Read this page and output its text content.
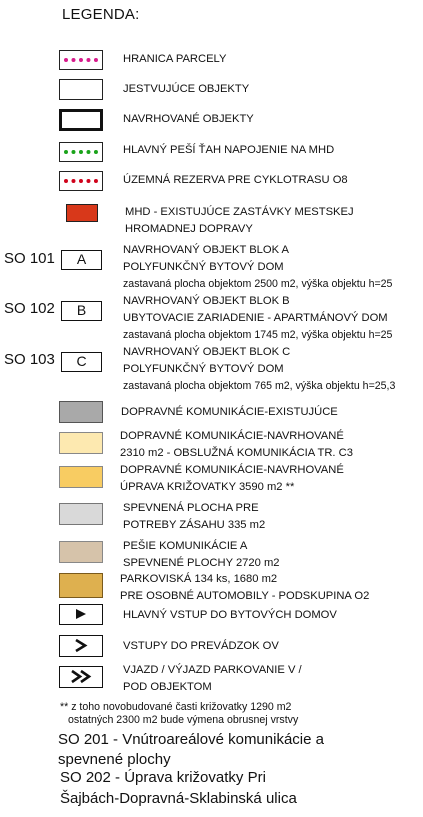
LEGENDA:
HRANICA PARCELY
JESTVUJÚCE OBJEKTY
NAVRHOVANÉ OBJEKTY
HLAVNÝ PEŠÍ ŤAH NAPOJENIE NA MHD
ÚZEMNÁ REZERVA PRE CYKLOTRASU O8
MHD - EXISTUJÚCE ZASTÁVKY MESTSKEJ
HROMADNEJ DOPRAVY
SO 101	A
NAVRHOVANÝ OBJEKT BLOK A
POLYFUNKČNÝ BYTOVÝ DOM
zastavaná plocha objektom 2500 m2, výška objektu h=25
SO 102	B
NAVRHOVANÝ OBJEKT BLOK B
UBYTOVACIE ZARIADENIE - APARTMÁNOVÝ DOM
zastavaná plocha objektom 1745 m2, výška objektu h=25
SO 103	C
NAVRHOVANÝ OBJEKT BLOK C
POLYFUNKČNÝ BYTOVÝ DOM
zastavaná plocha objektom 765 m2, výška objektu h=25,3
DOPRAVNÉ KOMUNIKÁCIE-EXISTUJÚCE
DOPRAVNÉ KOMUNIKÁCIE-NAVRHOVANÉ
2310 m2 - OBSLUŽNÁ KOMUNIKÁCIA TR. C3
DOPRAVNÉ KOMUNIKÁCIE-NAVRHOVANÉ
ÚPRAVA KRIŽOVATKY 3590 m2 **
SPEVNENÁ PLOCHA PRE
POTREBY ZÁSAHU 335 m2
PEŠIE KOMUNIKÁCIE A
SPEVNENÉ PLOCHY 2720 m2
PARKOVISKÁ 134 ks, 1680 m2
PRE OSOBNÉ AUTOMOBILY - PODSKUPINA O2
HLAVNÝ VSTUP DO BYTOVÝCH DOMOV
VSTUPY DO PREVÁDZOK OV
VJAZD / VÝJAZD PARKOVANIE V /
POD OBJEKTOM
** z toho novobudované časti križovatky 1290 m2
ostatných 2300 m2 bude výmena obrusnej vrstvy
SO 201 - Vnútroareálové komunikácie a
spevnené plochy
SO 202 - Úprava križovatky Pri
Šajbách-Dopravná-Sklabinská ulica
